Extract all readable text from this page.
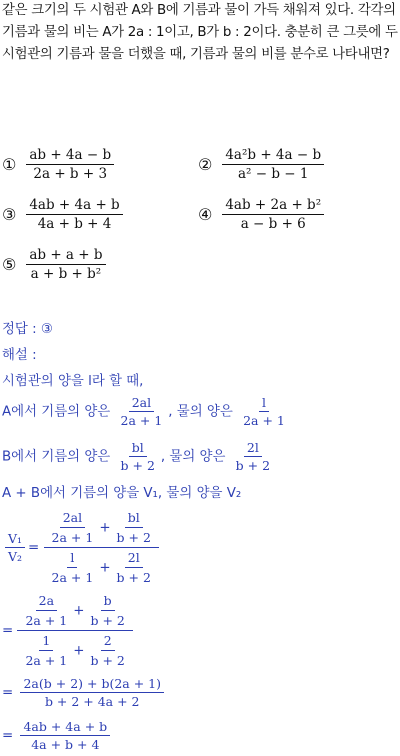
같은 크기의 두 시험관 A와 B에 기름과 물이 가득 채워져 있다. 각각의 기름과 물의 비는 A가 2a : 1이고, B가 b : 2이다. 충분히 큰 그릇에 두 시험관의 기름과 물을 더했을 때, 기름과 물의 비를 분수로 나타내면?
① $\frac{ab + 4a - b}{2a + b + 3}$	② $\frac{\text{4a²b + 4a − b}}{\text{a² − b − 1}}$
③ $\frac{4ab + 4a + b}{4a + b + 4}$	④ $\frac{\text{4ab + 2a + b²}}{a - b + 6}$
⑤ $\frac{ab + a + b}{\text{a + b + b²}}$
정답 : ③
해설 :
시험관의 양을 l라 할 때,
A에서 기름의 양은 $\frac{2al}{2a + 1}$ , 물의 양은 $\frac{l}{2a + 1}$
B에서 기름의 양은 $\frac{bl}{b + 2}$ , 물의 양은 $\frac{2l}{b + 2}$
A + B에서 기름의 양을 V₁, 물의 양을 V₂
$\frac{\text{V₁}}{\text{V₂}} = \frac{\frac{2al}{2a + 1} + \frac{bl}{b + 2}}{\frac{l}{2a + 1} + \frac{2l}{b + 2}}$
= $\frac{\frac{2a}{2a + 1} + \frac{b}{b + 2}}{\frac{1}{2a + 1} + \frac{2}{b + 2}}$
= $\frac{2a(b + 2) + b(2a + 1)}{b + 2 + 4a + 2}$
= $\frac{4ab + 4a + b}{4a + b + 4}$
